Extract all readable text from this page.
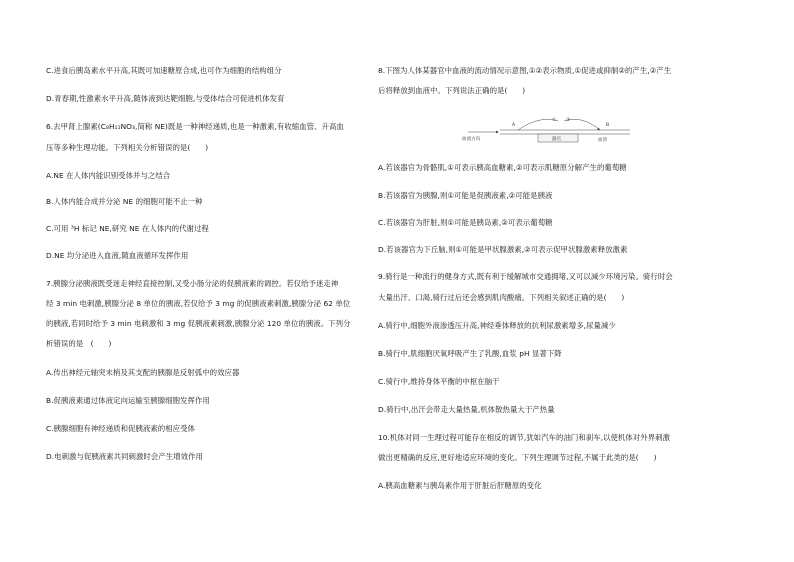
C.进食后胰岛素水平升高,其既可加速糖原合成,也可作为细胞的结构组分
D.青春期,性激素水平升高,随体液到达靶细胞,与受体结合可促进机体发育
6.去甲肾上腺素(C₈H₁₁NO₃,简称 NE)既是一种神经递质,也是一种激素,有收缩血管、升高血
压等多种生理功能。下列相关分析错误的是(　　)
A.NE 在人体内能识别受体并与之结合
B.人体内能合成并分泌 NE 的细胞可能不止一种
C.可用 ³H 标记 NE,研究 NE 在人体内的代谢过程
D.NE 均分泌进入血液,随血液循环发挥作用
7.胰腺分泌胰液既受迷走神经直接控制,又受小肠分泌的促胰液素的调控。若仅给予迷走神
经 3 min 电刺激,胰腺分泌 8 单位的胰液,若仅给予 3 mg 的促胰液素刺激,胰腺分泌 62 单位
的胰液,若同时给予 3 min 电刺激和 3 mg 促胰液素刺激,胰腺分泌 120 单位的胰液。下列分
析错误的是　(　　)
A.传出神经元轴突末梢及其支配的胰腺是反射弧中的效应器
B.促胰液素通过体液定向运输至胰腺细胞发挥作用
C.胰腺细胞有神经递质和促胰液素的相应受体
D.电刺激与促胰液素共同刺激时会产生增效作用
8.下图为人体某器官中血液的流动情况示意图,①②表示物质,①促进或抑制②的产生,②产生
后将释放到血液中。下列说法正确的是(　　)
A.若该器官为骨骼肌,①可表示胰高血糖素,②可表示肌糖原分解产生的葡萄糖
B.若该器官为胰腺,则①可能是促胰液素,②可能是胰液
C.若该器官为肝脏,则①可能是胰岛素,②可表示葡萄糖
D.若该器官为下丘脑,则①可能是甲状腺激素,②可表示促甲状腺激素释放激素
9.骑行是一种流行的健身方式,既有利于缓解城市交通拥堵,又可以减少环境污染。骑行时会
大量出汗、口渴,骑行过后还会感到肌肉酸痛。下列相关叙述正确的是(　　)
A.骑行中,细胞外液渗透压升高,神经垂体释放的抗利尿激素增多,尿量减少
B.骑行中,肌细胞厌氧呼吸产生了乳酸,血浆 pH 显著下降
C.骑行中,维持身体平衡的中枢在脑干
D.骑行中,出汗会带走大量热量,机体散热量大于产热量
10.机体对同一生理过程可能存在相反的调节,犹如汽车的油门和刹车,以使机体对外界刺激
做出更精确的反应,更好地适应环境的变化。下列生理调节过程,不属于此类的是(　　)
A.胰高血糖素与胰岛素作用于肝脏后肝糖原的变化
血流方向
A	B
① ②
器官	血管
